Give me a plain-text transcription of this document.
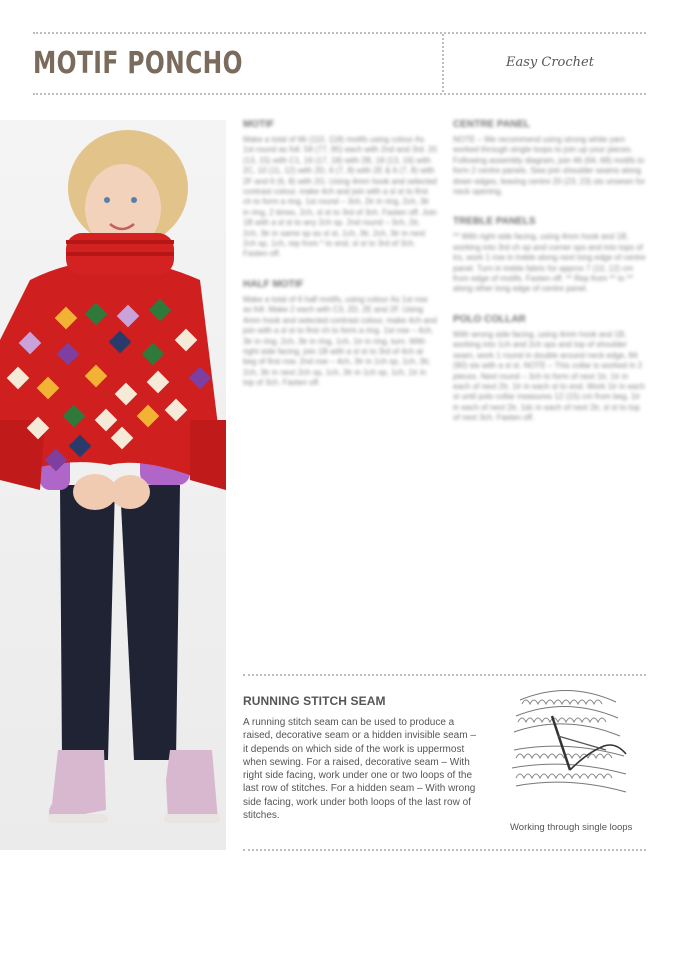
MOTIF PONCHO	Easy Crochet

MOTIF

Make a total of 66 (110, 118) motifs using colour As 1st round as foll. 58 (77, 95) each with 2nd and 3rd. 20 (13, 15) with C1, 16 (17, 18) with 2B, 18 (13, 16) with 2C, 10 (11, 12) with 2D, 6 (7, 8) with 2E & 6 (7, 8) with 2F and 6 (6, 8) with 2G. Using 4mm hook and selected contrast colour, make 4ch and join with a sl st to first ch to form a ring. 1st round – 3ch, 2tr in ring, 2ch, 3tr in ring, 2 times, 2ch, sl st to 3rd of 3ch. Fasten off. Join 1B with a sl st to any 2ch sp. 2nd round – 3ch, 2tr, 2ch, 3tr in same sp as sl st, 1ch, 3tr, 2ch, 3tr in next 2ch sp, 1ch, rep from * to end, sl st to 3rd of 3ch. Fasten off.

HALF MOTIF

Make a total of 6 half motifs, using colour As 1st row as foll. Make 2 each with C3, 2D, 2E and 2F. Using 4mm hook and selected contrast colour, make 4ch and join with a sl st to first ch to form a ring. 1st row – 4ch, 3tr in ring, 2ch, 3tr in ring, 1ch, 1tr in ring, turn. With right side facing, join 1B with a sl st to 3rd of 4ch at beg of first row. 2nd row – 4ch, 3tr in 1ch sp, 1ch, 3tr, 2ch, 3tr in next 2ch sp, 1ch, 3tr in 1ch sp, 1ch, 1tr in top of 3ch. Fasten off.

CENTRE PANEL

NOTE – We recommend using strong white yarn worked through single loops to join up your pieces. Following assembly diagram, join 46 (64, 68) motifs to form 2 centre panels. Sew join shoulder seams along down edges, leaving centre 20 (23, 23) sts unsewn for neck opening.

TREBLE PANELS

** With right side facing, using 4mm hook and 1B, working into 3rd ch sp and corner sps and into tops of trs, work 1 row in treble along next long edge of centre panel. Turn in treble fabric for approx 7 (10, 12) cm from edge of motifs. Fasten off. ** Rep from ** to ** along other long edge of centre panel.

POLO COLLAR

With wrong side facing, using 4mm hook and 1B, working into 1ch and 2ch sps and top of shoulder seam, work 1 round in double around neck edge, 84 (90) sts with a sl st. NOTE – This collar is worked in 2 pieces. Next round – 3ch to form of next 1tr, 1tr in each of next 2tr, 1tr in each st to end. Work 1tr in each st until polo collar measures 12 (15) cm from beg, 1tr in each of next 2tr, 1dc in each of next 2tr, sl st to top of next 3ch. Fasten off.

RUNNING STITCH SEAM

A running stitch seam can be used to produce a raised, decorative seam or a hidden invisible seam – it depends on which side of the work is uppermost when sewing. For a raised, decorative seam – With right side facing, work under one or two loops of the last row of stitches. For a hidden seam – With wrong side facing, work under both loops of the last row of stitches.

Working through single loops
